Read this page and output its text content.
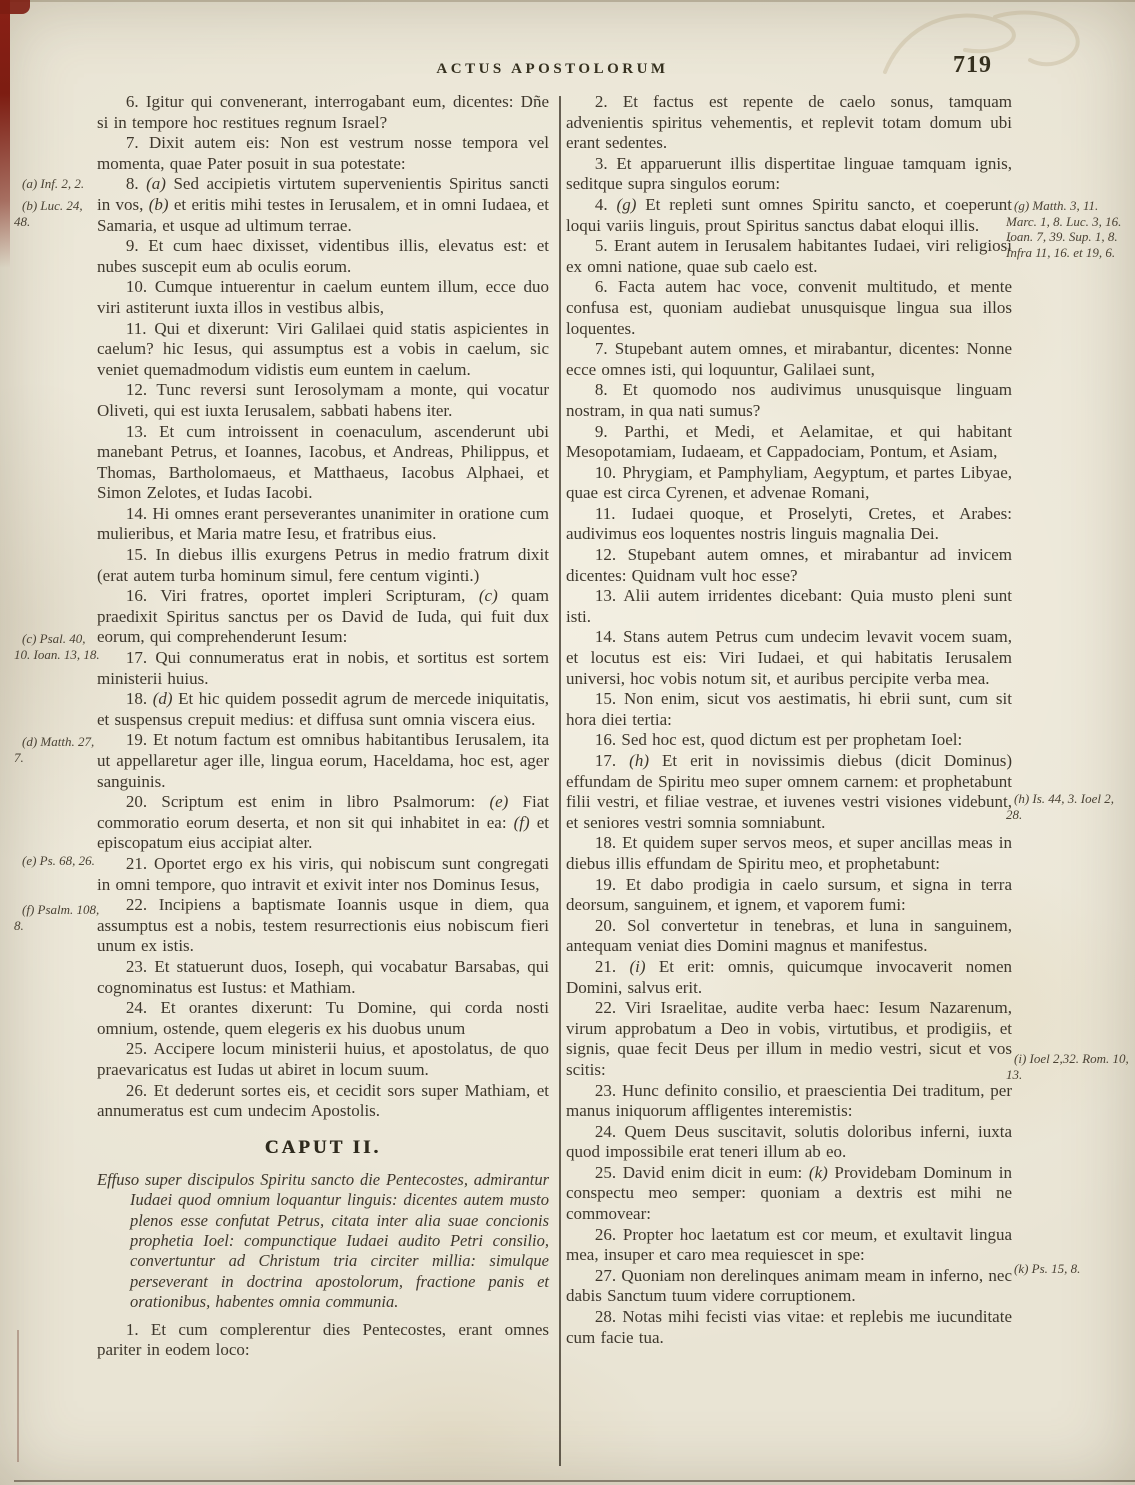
ACTUS APOSTOLORUM	719

6. Igitur qui convenerant, interrogabant eum, dicentes: Dñe si in tempore hoc restitues regnum Israel?

7. Dixit autem eis: Non est vestrum nosse tempora vel momenta, quae Pater posuit in sua potestate:

8. (a) Sed accipietis virtutem supervenientis Spiritus sancti in vos, (b) et eritis mihi testes in Ierusalem, et in omni Iudaea, et Samaria, et usque ad ultimum terrae.

9. Et cum haec dixisset, videntibus illis, elevatus est: et nubes suscepit eum ab oculis eorum.

10. Cumque intuerentur in caelum euntem illum, ecce duo viri astiterunt iuxta illos in vestibus albis,

11. Qui et dixerunt: Viri Galilaei quid statis aspicientes in caelum? hic Iesus, qui assumptus est a vobis in caelum, sic veniet quemadmodum vidistis eum euntem in caelum.

12. Tunc reversi sunt Ierosolymam a monte, qui vocatur Oliveti, qui est iuxta Ierusalem, sabbati habens iter.

13. Et cum introissent in coenaculum, ascenderunt ubi manebant Petrus, et Ioannes, Iacobus, et Andreas, Philippus, et Thomas, Bartholomaeus, et Matthaeus, Iacobus Alphaei, et Simon Zelotes, et Iudas Iacobi.

14. Hi omnes erant perseverantes unanimiter in oratione cum mulieribus, et Maria matre Iesu, et fratribus eius.

15. In diebus illis exurgens Petrus in medio fratrum dixit (erat autem turba hominum simul, fere centum viginti.)

16. Viri fratres, oportet impleri Scripturam, (c) quam praedixit Spiritus sanctus per os David de Iuda, qui fuit dux eorum, qui comprehenderunt Iesum:

17. Qui connumeratus erat in nobis, et sortitus est sortem ministerii huius.

18. (d) Et hic quidem possedit agrum de mercede iniquitatis, et suspensus crepuit medius: et diffusa sunt omnia viscera eius.

19. Et notum factum est omnibus habitantibus Ierusalem, ita ut appellaretur ager ille, lingua eorum, Haceldama, hoc est, ager sanguinis.

20. Scriptum est enim in libro Psalmorum: (e) Fiat commoratio eorum deserta, et non sit qui inhabitet in ea: (f) et episcopatum eius accipiat alter.

21. Oportet ergo ex his viris, qui nobiscum sunt congregati in omni tempore, quo intravit et exivit inter nos Dominus Iesus,

22. Incipiens a baptismate Ioannis usque in diem, qua assumptus est a nobis, testem resurrectionis eius nobiscum fieri unum ex istis.

23. Et statuerunt duos, Ioseph, qui vocabatur Barsabas, qui cognominatus est Iustus: et Mathiam.

24. Et orantes dixerunt: Tu Domine, qui corda nosti omnium, ostende, quem elegeris ex his duobus unum

25. Accipere locum ministerii huius, et apostolatus, de quo praevaricatus est Iudas ut abiret in locum suum.

26. Et dederunt sortes eis, et cecidit sors super Mathiam, et annumeratus est cum undecim Apostolis.

CAPUT II.

Effuso super discipulos Spiritu sancto die Pentecostes, admirantur Iudaei quod omnium loquantur linguis: dicentes autem musto plenos esse confutat Petrus, citata inter alia suae concionis prophetia Ioel: compunctique Iudaei audito Petri consilio, convertuntur ad Christum tria circiter millia: simulque perseverant in doctrina apostolorum, fractione panis et orationibus, habentes omnia communia.

1. Et cum complerentur dies Pentecostes, erant omnes pariter in eodem loco:

2. Et factus est repente de caelo sonus, tamquam advenientis spiritus vehementis, et replevit totam domum ubi erant sedentes.

3. Et apparuerunt illis dispertitae linguae tamquam ignis, seditque supra singulos eorum:

4. (g) Et repleti sunt omnes Spiritu sancto, et coeperunt loqui variis linguis, prout Spiritus sanctus dabat eloqui illis.

5. Erant autem in Ierusalem habitantes Iudaei, viri religiosi ex omni natione, quae sub caelo est.

6. Facta autem hac voce, convenit multitudo, et mente confusa est, quoniam audiebat unusquisque lingua sua illos loquentes.

7. Stupebant autem omnes, et mirabantur, dicentes: Nonne ecce omnes isti, qui loquuntur, Galilaei sunt,

8. Et quomodo nos audivimus unusquisque linguam nostram, in qua nati sumus?

9. Parthi, et Medi, et Aelamitae, et qui habitant Mesopotamiam, Iudaeam, et Cappadociam, Pontum, et Asiam,

10. Phrygiam, et Pamphyliam, Aegyptum, et partes Libyae, quae est circa Cyrenen, et advenae Romani,

11. Iudaei quoque, et Proselyti, Cretes, et Arabes: audivimus eos loquentes nostris linguis magnalia Dei.

12. Stupebant autem omnes, et mirabantur ad invicem dicentes: Quidnam vult hoc esse?

13. Alii autem irridentes dicebant: Quia musto pleni sunt isti.

14. Stans autem Petrus cum undecim levavit vocem suam, et locutus est eis: Viri Iudaei, et qui habitatis Ierusalem universi, hoc vobis notum sit, et auribus percipite verba mea.

15. Non enim, sicut vos aestimatis, hi ebrii sunt, cum sit hora diei tertia:

16. Sed hoc est, quod dictum est per prophetam Ioel:

17. (h) Et erit in novissimis diebus (dicit Dominus) effundam de Spiritu meo super omnem carnem: et prophetabunt filii vestri, et filiae vestrae, et iuvenes vestri visiones videbunt, et seniores vestri somnia somniabunt.

18. Et quidem super servos meos, et super ancillas meas in diebus illis effundam de Spiritu meo, et prophetabunt:

19. Et dabo prodigia in caelo sursum, et signa in terra deorsum, sanguinem, et ignem, et vaporem fumi:

20. Sol convertetur in tenebras, et luna in sanguinem, antequam veniat dies Domini magnus et manifestus.

21. (i) Et erit: omnis, quicumque invocaverit nomen Domini, salvus erit.

22. Viri Israelitae, audite verba haec: Iesum Nazarenum, virum approbatum a Deo in vobis, virtutibus, et prodigiis, et signis, quae fecit Deus per illum in medio vestri, sicut et vos scitis:

23. Hunc definito consilio, et praescientia Dei traditum, per manus iniquorum affligentes interemistis:

24. Quem Deus suscitavit, solutis doloribus inferni, iuxta quod impossibile erat teneri illum ab eo.

25. David enim dicit in eum: (k) Providebam Dominum in conspectu meo semper: quoniam a dextris est mihi ne commovear:

26. Propter hoc laetatum est cor meum, et exultavit lingua mea, insuper et caro mea requiescet in spe:

27. Quoniam non derelinques animam meam in inferno, nec dabis Sanctum tuum videre corruptionem.

28. Notas mihi fecisti vias vitae: et replebis me iucunditate cum facie tua.

(a) Inf. 2, 2.
(b) Luc. 24, 48.
(c) Psal. 40, 10. Ioan. 13, 18.
(d) Matth. 27, 7.
(e) Ps. 68, 26.
(f) Psalm. 108, 8.
(g) Matth. 3, 11. Marc. 1, 8. Luc. 3, 16. Ioan. 7, 39. Sup. 1, 8. Infra 11, 16. et 19, 6.
(h) Is. 44, 3. Ioel 2, 28.
(i) Ioel 2,32. Rom. 10, 13.
(k) Ps. 15, 8.
